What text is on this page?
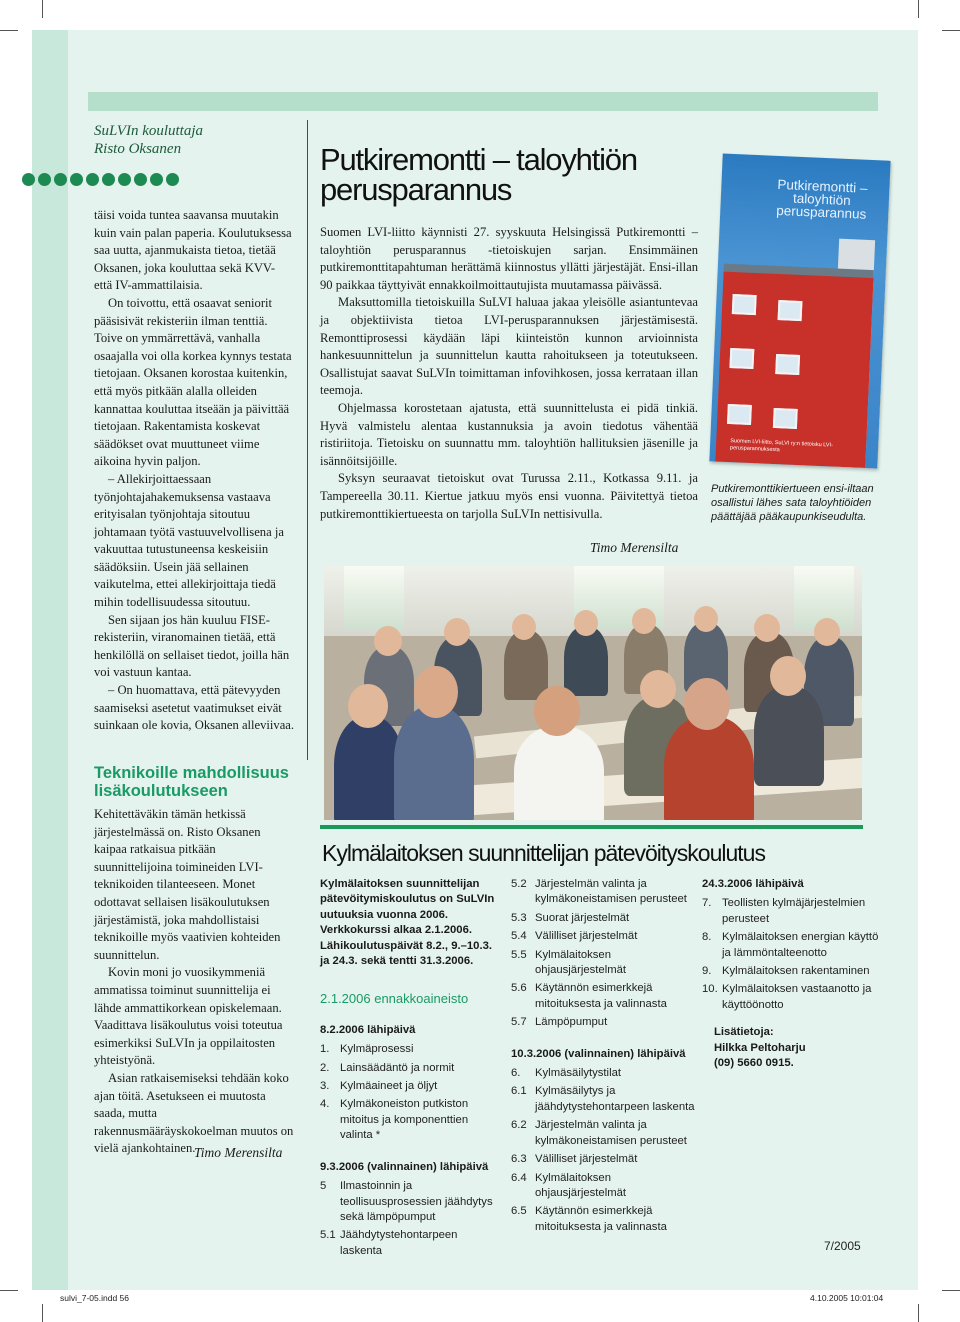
SuLVIn kouluttaja
Risto Oksanen

täisi voida tuntea saavansa muutakin kuin vain palan paperia. Koulutuksessa saa uutta, ajanmukaista tietoa, tietää Oksanen, joka kouluttaa sekä KVV- että IV-ammattilaisia.

On toivottu, että osaavat seniorit pääsisivät rekisteriin ilman tenttiä. Toive on ymmärrettävä, vanhalla osaajalla voi olla korkea kynnys testata tietojaan. Oksanen korostaa kuitenkin, että myös pitkään alalla olleiden kannattaa kouluttaa itseään ja päivittää tietojaan. Rakentamista koskevat säädökset ovat muuttuneet viime aikoina hyvin paljon.

– Allekirjoittaessaan työnjohtajahakemuksensa vastaava erityisalan työnjohtaja sitoutuu johtamaan työtä vastuuvelvollisena ja vakuuttaa tutustuneensa keskeisiin säädöksiin. Usein jää sellainen vaikutelma, ettei allekirjoittaja tiedä mihin todellisuudessa sitoutuu.

Sen sijaan jos hän kuuluu FISE-rekisteriin, viranomainen tietää, että henkilöllä on sellaiset tiedot, joilla hän voi vastuun kantaa.

– On huomattava, että pätevyyden saamiseksi asetetut vaatimukset eivät suinkaan ole kovia, Oksanen alleviivaa.

Teknikoille mahdollisuus lisäkoulutukseen

Kehitettäväkin tämän hetkissä järjestelmässä on. Risto Oksanen kaipaa ratkaisua pitkään suunnittelijoina toimineiden LVI-teknikoiden tilanteeseen. Monet odottavat sellaisen lisäkoulutuksen järjestämistä, joka mahdollistaisi teknikoille myös vaativien kohteiden suunnittelun.

Kovin moni jo vuosikymmeniä ammatissa toiminut suunnittelija ei lähde ammattikorkean opiskelemaan. Vaadittava lisäkoulutus voisi toteutua esimerkiksi SuLVIn ja oppilaitosten yhteistyönä.

Asian ratkaisemiseksi tehdään koko ajan töitä. Asetukseen ei muutosta saada, mutta rakennusmääräyskokoelman muutos on vielä ajankohtainen.

Timo Merensilta
Putkiremontti – taloyhtiön perusparannus

Suomen LVI-liitto käynnisti 27. syyskuuta Helsingissä Putkiremontti – taloyhtiön perusparannus -tietoiskujen sarjan. Ensimmäinen putkiremonttitapahtuman herättämä kiinnostus yllätti järjestäjät. Ensi-illan 90 paikkaa täyttyivät ennakkoilmoittautujista muutamassa päivässä.

Maksuttomilla tietoiskuilla SuLVI haluaa jakaa yleisölle asiantuntevaa ja objektiivista tietoa LVI-perusparannuksen järjestämisestä. Remonttiprosessi käydään läpi kiinteistön kunnon arvioinnista hankesuunnittelun ja suunnittelun kautta rahoitukseen ja toteutukseen. Osallistujat saavat SuLVIn toimittaman infovihkosen, jossa kerrataan illan teemoja.

Ohjelmassa korostetaan ajatusta, että suunnittelusta ei pidä tinkiä. Hyvä valmistelu alentaa kustannuksia ja avoin tiedotus vähentää ristiriitoja. Tietoisku on suunnattu mm. taloyhtiön hallituksien jäsenille ja isännöitsijöille.

Syksyn seuraavat tietoiskut ovat Turussa 2.11., Kotkassa 9.11. ja Tampereella 30.11. Kiertue jatkuu myös ensi vuonna. Päivitettyä tietoa putkiremonttikiertueesta on tarjolla SuLVIn nettisivulla.

Timo Merensilta
Putkiremontti – taloyhtiön perusparannus
Suomen LVI-liitto, SuLVI ry:n tietoisku LVI-perusparannuksesta
Putkiremonttikiertueen ensi-iltaan osallistui lähes sata taloyhtiöiden päättäjää pääkaupunkiseudulta.
Kylmälaitoksen suunnittelijan pätevöityskoulutus
Kylmälaitoksen suunnittelijan pätevöitymiskoulutus on SuLVIn uutuuksia vuonna 2006. Verkkokurssi alkaa 2.1.2006. Lähikoulutuspäivät 8.2., 9.–10.3. ja 24.3. sekä tentti 31.3.2006.
2.1.2006 ennakkoaineisto
8.2.2006 lähipäivä
1. Kylmäprosessi
2. Lainsäädäntö ja normit
3. Kylmäaineet ja öljyt
4. Kylmäkoneiston putkiston mitoitus ja komponenttien valinta *
9.3.2006 (valinnainen) lähipäivä
5	Ilmastoinnin ja teollisuusprosessien jäähdytys sekä lämpöpumput
5.1 Jäähdytystehontarpeen laskenta
5.2 Järjestelmän valinta ja kylmäkoneistamisen perusteet
5.3 Suorat järjestelmät
5.4 Välilliset järjestelmät
5.5 Kylmälaitoksen ohjausjärjestelmät
5.6 Käytännön esimerkkejä mitoituksesta ja valinnasta
5.7 Lämpöpumput
10.3.2006 (valinnainen) lähipäivä
6.	Kylmäsäilytystilat
6.1 Kylmäsäilytys ja jäähdytystehontarpeen laskenta
6.2 Järjestelmän valinta ja kylmäkoneistamisen perusteet
6.3 Välilliset järjestelmät
6.4 Kylmälaitoksen ohjausjärjestelmät
6.5 Käytännön esimerkkejä mitoituksesta ja valinnasta
24.3.2006 lähipäivä
7. Teollisten kylmäjärjestelmien perusteet
8. Kylmälaitoksen energian käyttö ja lämmöntalteenotto
9. Kylmälaitoksen rakentaminen
10. Kylmälaitoksen vastaanotto ja käyttöönotto
Lisätietoja:
Hilkka Peltoharju
(09) 5660 0915.
7/2005
sulvi_7-05.indd 56	4.10.2005 10:01:04
